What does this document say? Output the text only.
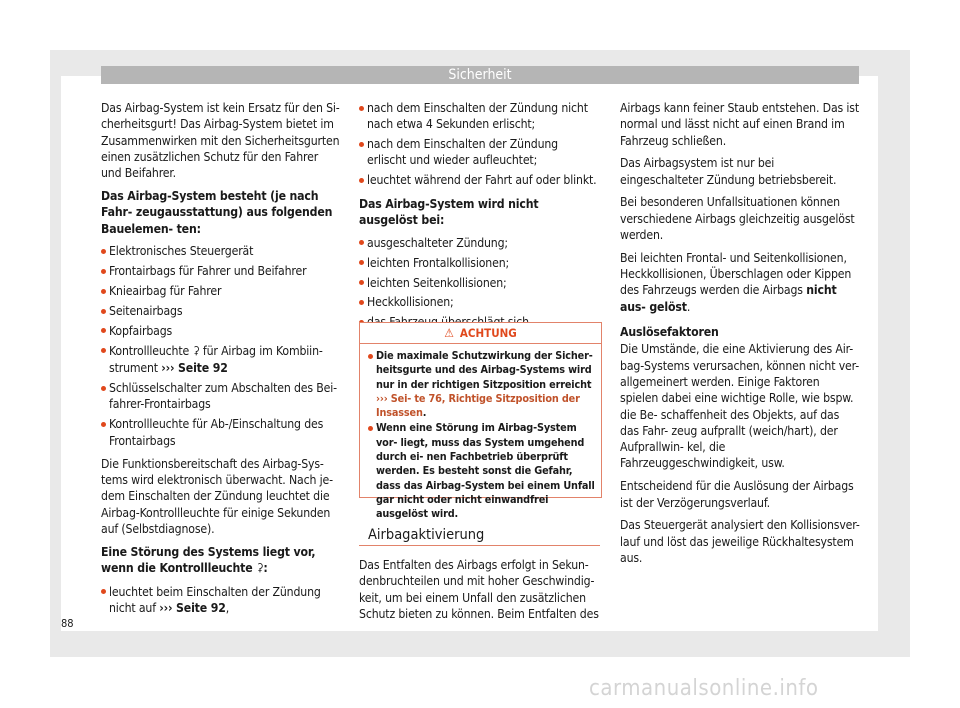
Sicherheit

Das Airbag-System ist kein Ersatz für den Si- cherheitsgurt! Das Airbag-System bietet im Zusammenwirken mit den Sicherheitsgurten einen zusätzlichen Schutz für den Fahrer und Beifahrer.

Das Airbag-System besteht (je nach Fahr- zeugausstattung) aus folgenden Bauelemen- ten:

Elektronisches Steuergerät
Frontairbags für Fahrer und Beifahrer
Knieairbag für Fahrer
Seitenairbags
Kopfairbags
Kontrollleuchte ⚳ für Airbag im Kombiin- strument ››› Seite 92
Schlüsselschalter zum Abschalten des Bei- fahrer-Frontairbags
Kontrollleuchte für Ab-/Einschaltung des Frontairbags

Die Funktionsbereitschaft des Airbag-Sys- tems wird elektronisch überwacht. Nach je- dem Einschalten der Zündung leuchtet die Airbag-Kontrollleuchte für einige Sekunden auf (Selbstdiagnose).

Eine Störung des Systems liegt vor, wenn die Kontrollleuchte ⚳:

leuchtet beim Einschalten der Zündung nicht auf ››› Seite 92,
nach dem Einschalten der Zündung nicht nach etwa 4 Sekunden erlischt;
nach dem Einschalten der Zündung erlischt und wieder aufleuchtet;
leuchtet während der Fahrt auf oder blinkt.

Das Airbag-System wird nicht ausgelöst bei:

ausgeschalteter Zündung;
leichten Frontalkollisionen;
leichten Seitenkollisionen;
Heckkollisionen;
⚠ ACHTUNG
Die maximale Schutzwirkung der Sicher- heitsgurte und des Airbag-Systems wird nur in der richtigen Sitzposition erreicht ››› Sei- te 76, Richtige Sitzposition der Insassen.
Wenn eine Störung im Airbag-System vor- liegt, muss das System umgehend durch ei- nen Fachbetrieb überprüft werden. Es besteht sonst die Gefahr, dass das Airbag-System bei einem Unfall gar nicht oder nicht einwandfrei ausgelöst wird.
Airbagaktivierung
Das Entfalten des Airbags erfolgt in Sekun- denbruchteilen und mit hoher Geschwindig- keit, um bei einem Unfall den zusätzlichen Schutz bieten zu können. Beim Entfalten des

Airbags kann feiner Staub entstehen. Das ist normal und lässt nicht auf einen Brand im Fahrzeug schließen.

Das Airbagsystem ist nur bei eingeschalteter Zündung betriebsbereit.

Bei besonderen Unfallsituationen können verschiedene Airbags gleichzeitig ausgelöst werden.

Bei leichten Frontal- und Seitenkollisionen, Heckkollisionen, Überschlagen oder Kippen des Fahrzeugs werden die Airbags nicht aus- gelöst.

Auslösefaktoren

Die Umstände, die eine Aktivierung des Air- bag-Systems verursachen, können nicht ver- allgemeinert werden. Einige Faktoren spielen dabei eine wichtige Rolle, wie bspw. die Be- schaffenheit des Objekts, auf das das Fahr- zeug aufprallt (weich/hart), der Aufprallwin- kel, die Fahrzeuggeschwindigkeit, usw.

Entscheidend für die Auslösung der Airbags ist der Verzögerungsverlauf.

Das Steuergerät analysiert den Kollisionsver- lauf und löst das jeweilige Rückhaltesystem aus.

88
carmanualsonline.info
